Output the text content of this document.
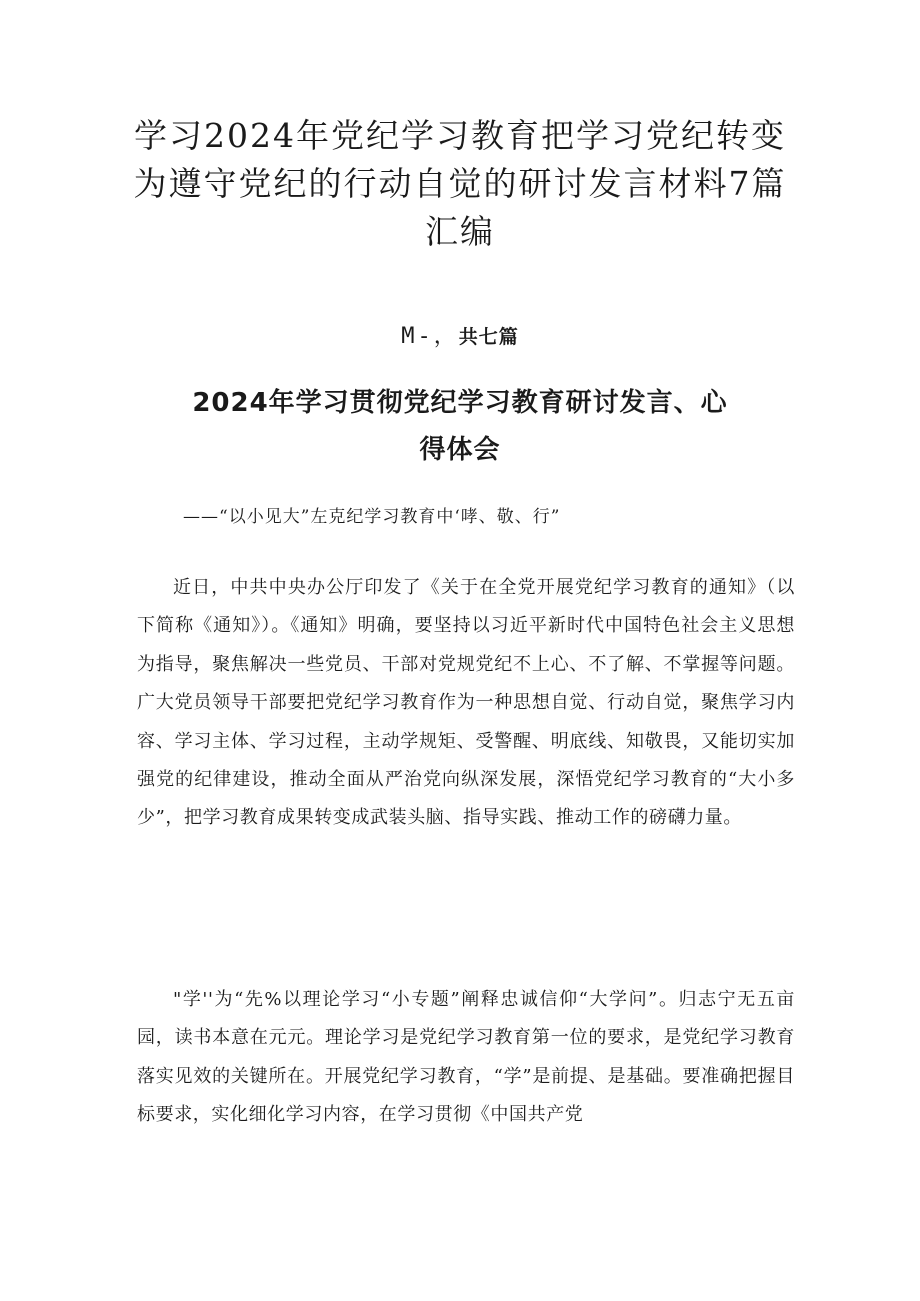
学习2024年党纪学习教育把学习党纪转变为遵守党纪的行动自觉的研讨发言材料7篇汇编
M-，共七篇
2024年学习贯彻党纪学习教育研讨发言、心得体会
——“以小见大”左克纪学习教育中‘哮、敬、行”

近日，中共中央办公厅印发了《关于在全党开展党纪学习教育的通知》（以下简称《通知》）。《通知》明确，要坚持以习近平新时代中国特色社会主义思想为指导，聚焦解决一些党员、干部对党规党纪不上心、不了解、不掌握等问题。广大党员领导干部要把党纪学习教育作为一种思想自觉、行动自觉，聚焦学习内容、学习主体、学习过程，主动学规矩、受警醒、明底线、知敬畏，又能切实加强党的纪律建设，推动全面从严治党向纵深发展，深悟党纪学习教育的“大小多少”，把学习教育成果转变成武装头脑、指导实践、推动工作的磅礴力量。

"学''为“先%以理论学习“小专题”阐释忠诚信仰“大学问”。归志宁无五亩园，读书本意在元元。理论学习是党纪学习教育第一位的要求，是党纪学习教育落实见效的关键所在。开展党纪学习教育，“学”是前提、是基础。要准确把握目标要求，实化细化学习内容，在学习贯彻《中国共产党
